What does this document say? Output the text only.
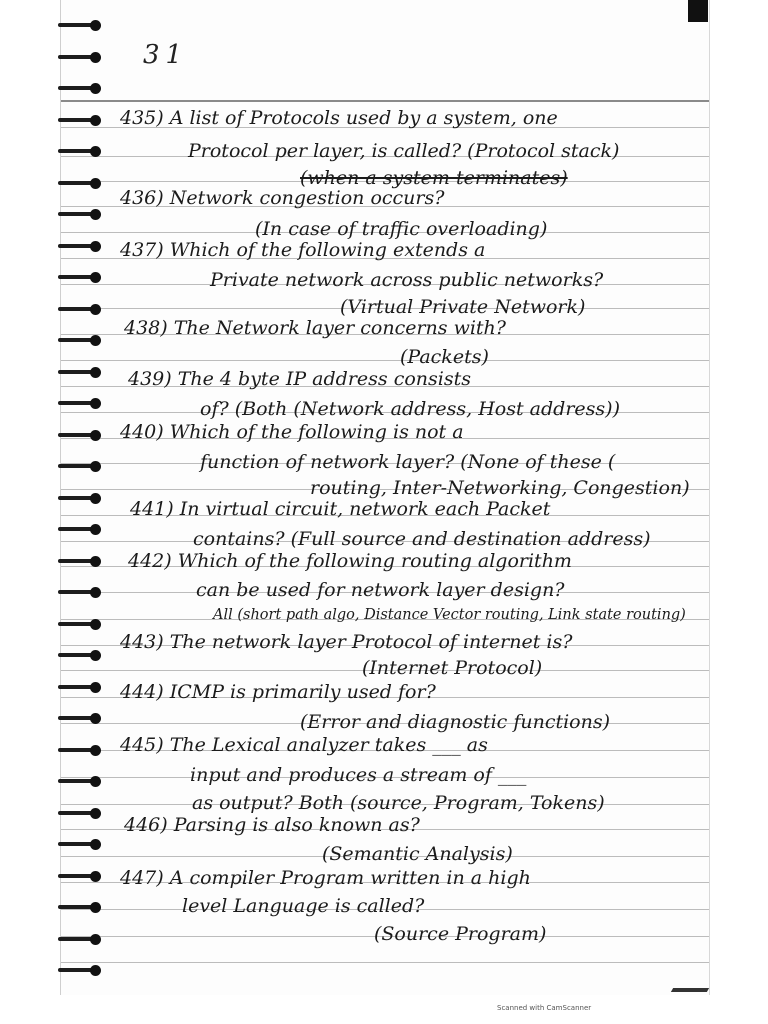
31
435) A list of Protocols used by a system, one
Protocol per layer, is called? (Protocol stack)
(when a system terminates)
436) Network congestion occurs?
(In case of traffic overloading)
437) Which of the following extends a
Private network across public networks?
(Virtual Private Network)
438) The Network layer concerns with?
(Packets)
439) The 4 byte IP address consists
of? (Both (Network address, Host address))
440) Which of the following is not a
function of network layer? (None of these (
routing, Inter-Networking, Congestion)
441) In virtual circuit, network each Packet
contains? (Full source and destination address)
442) Which of the following routing algorithm
can be used for network layer design?
All (short path algo, Distance Vector routing, Link state routing)
443) The network layer Protocol of internet is?
(Internet Protocol)
444) ICMP is primarily used for?
(Error and diagnostic functions)
445) The Lexical analyzer takes ___ as
input and produces a stream of ___
as output? Both (source, Program, Tokens)
446) Parsing is also known as?
(Semantic Analysis)
447) A compiler Program written in a high
level Language is called?
(Source Program)
Scanned with CamScanner
